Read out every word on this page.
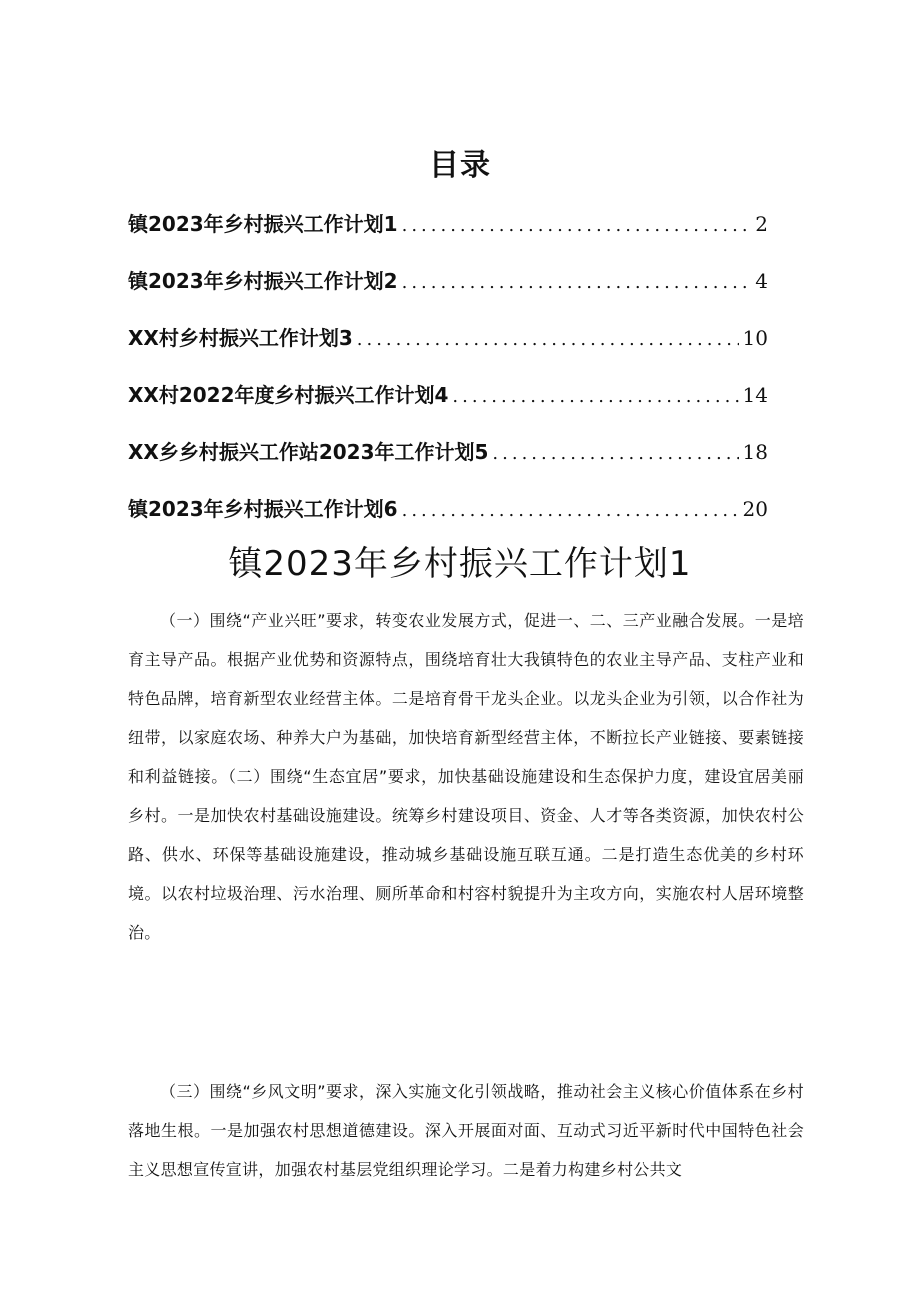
目录
镇2023年乡村振兴工作计划1 .....	2
镇2023年乡村振兴工作计划2 .....	4
XX村乡村振兴工作计划3 .....	10
XX村2022年度乡村振兴工作计划4 .....	14
XX乡乡村振兴工作站2023年工作计划5 .....	18
镇2023年乡村振兴工作计划6 .....	20
镇2023年乡村振兴工作计划1

（一）围绕“产业兴旺”要求，转变农业发展方式，促进一、二、三产业融合发展。一是培育主导产品。根据产业优势和资源特点，围绕培育壮大我镇特色的农业主导产品、支柱产业和特色品牌，培育新型农业经营主体。二是培育骨干龙头企业。以龙头企业为引领，以合作社为纽带，以家庭农场、种养大户为基础，加快培育新型经营主体，不断拉长产业链接、要素链接和利益链接。（二）围绕“生态宜居”要求，加快基础设施建设和生态保护力度，建设宜居美丽乡村。一是加快农村基础设施建设。统筹乡村建设项目、资金、人才等各类资源，加快农村公路、供水、环保等基础设施建设，推动城乡基础设施互联互通。二是打造生态优美的乡村环境。以农村垃圾治理、污水治理、厕所革命和村容村貌提升为主攻方向，实施农村人居环境整治。

（三）围绕“乡风文明”要求，深入实施文化引领战略，推动社会主义核心价值体系在乡村落地生根。一是加强农村思想道德建设。深入开展面对面、互动式习近平新时代中国特色社会主义思想宣传宣讲，加强农村基层党组织理论学习。二是着力构建乡村公共文
